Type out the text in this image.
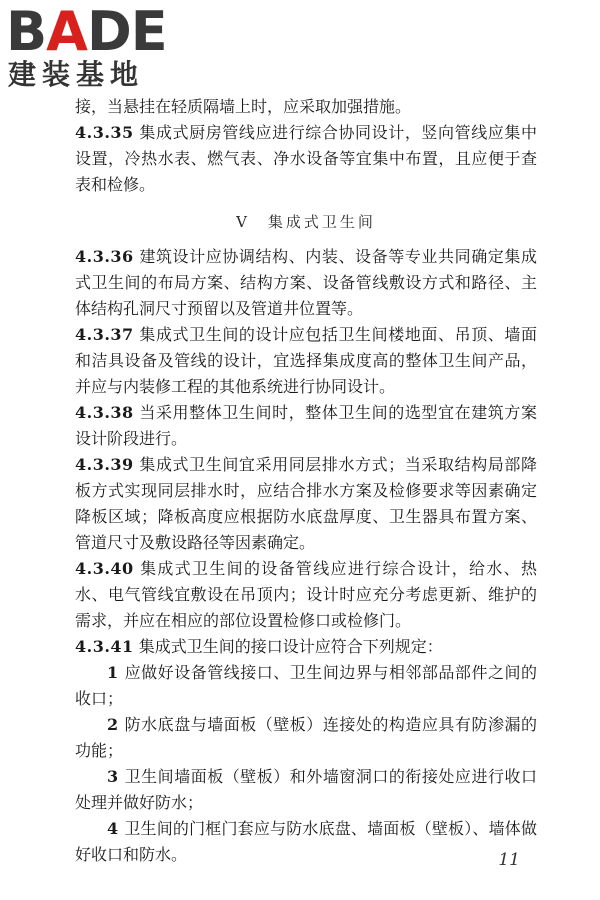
BADE
建装基地

接，当悬挂在轻质隔墙上时，应采取加强措施。

4.3.35 集成式厨房管线应进行综合协同设计，竖向管线应集中设置，冷热水表、燃气表、净水设备等宜集中布置，且应便于查表和检修。

V 集成式卫生间

4.3.36 建筑设计应协调结构、内装、设备等专业共同确定集成式卫生间的布局方案、结构方案、设备管线敷设方式和路径、主体结构孔洞尺寸预留以及管道井位置等。

4.3.37 集成式卫生间的设计应包括卫生间楼地面、吊顶、墙面和洁具设备及管线的设计，宜选择集成度高的整体卫生间产品，并应与内装修工程的其他系统进行协同设计。

4.3.38 当采用整体卫生间时，整体卫生间的选型宜在建筑方案设计阶段进行。

4.3.39 集成式卫生间宜采用同层排水方式；当采取结构局部降板方式实现同层排水时，应结合排水方案及检修要求等因素确定降板区域；降板高度应根据防水底盘厚度、卫生器具布置方案、管道尺寸及敷设路径等因素确定。

4.3.40 集成式卫生间的设备管线应进行综合设计，给水、热水、电气管线宜敷设在吊顶内；设计时应充分考虑更新、维护的需求，并应在相应的部位设置检修口或检修门。

4.3.41 集成式卫生间的接口设计应符合下列规定：

1 应做好设备管线接口、卫生间边界与相邻部品部件之间的收口；

2 防水底盘与墙面板（壁板）连接处的构造应具有防渗漏的功能；

3 卫生间墙面板（壁板）和外墙窗洞口的衔接处应进行收口处理并做好防水；

4 卫生间的门框门套应与防水底盘、墙面板（壁板）、墙体做好收口和防水。	11
